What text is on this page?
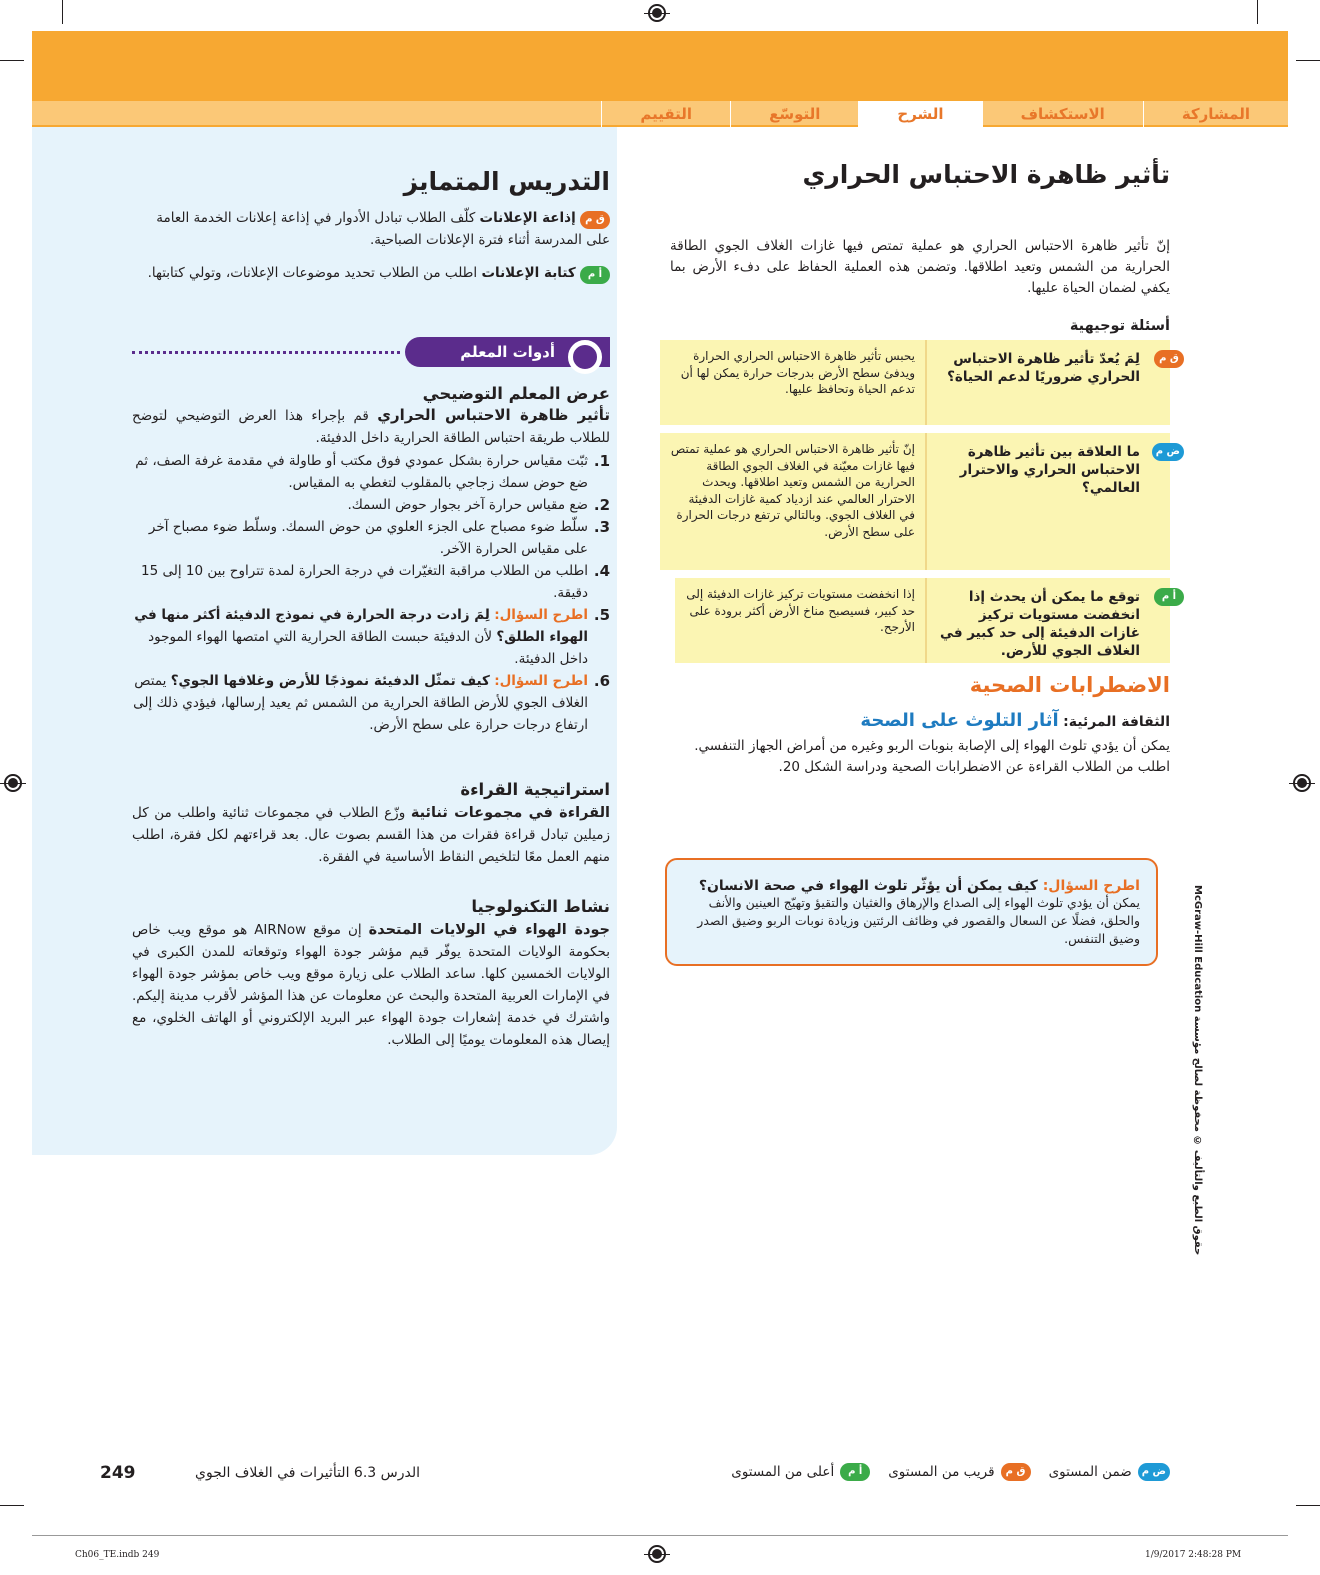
المشاركة
الاستكشاف
الشرح
التوسّع
التقييم
تأثير ظاهرة الاحتباس الحراري

إنّ تأثير ظاهرة الاحتباس الحراري هو عملية تمتص فيها غازات الغلاف الجوي الطاقة الحرارية من الشمس وتعيد اطلاقها. وتضمن هذه العملية الحفاظ على دفء الأرض بما يكفي لضمان الحياة عليها.

أسئلة توجيهية
ق م
لِمَ يُعدّ تأثير ظاهرة الاحتباس الحراري ضروريًا لدعم الحياة؟
يحبس تأثير ظاهرة الاحتباس الحراري الحرارة ويدفئ سطح الأرض بدرجات حرارة يمكن لها أن تدعم الحياة وتحافظ عليها.
ض م
ما العلاقة بين تأثير ظاهرة الاحتباس الحراري والاحترار العالمي؟
إنّ تأثير ظاهرة الاحتباس الحراري هو عملية تمتص فيها غازات معيّنة في الغلاف الجوي الطاقة الحرارية من الشمس وتعيد اطلاقها. ويحدث الاحترار العالمي عند ازدياد كمية غازات الدفيئة في الغلاف الجوي. وبالتالي ترتفع درجات الحرارة على سطح الأرض.
أ م
توقع ما يمكن أن يحدث إذا انخفضت مستويات تركيز غازات الدفيئة إلى حد كبير في الغلاف الجوي للأرض.
إذا انخفضت مستويات تركيز غازات الدفيئة إلى حد كبير، فسيصبح مناخ الأرض أكثر برودة على الأرجح.
الاضطرابات الصحية
الثقافة المرئية: آثار التلوث على الصحة

يمكن أن يؤدي تلوث الهواء إلى الإصابة بنوبات الربو وغيره من أمراض الجهاز التنفسي. اطلب من الطلاب القراءة عن الاضطرابات الصحية ودراسة الشكل 20.

اطرح السؤال: كيف يمكن أن يؤثّر تلوث الهواء في صحة الانسان؟

يمكن أن يؤدي تلوث الهواء إلى الصداع والإرهاق والغثيان والتقيؤ وتهيّج العينين والأنف والحلق، فضلًا عن السعال والقصور في وظائف الرئتين وزيادة نوبات الربو وضيق الصدر وضيق التنفس.

التدريس المتمايز
ق م إذاعة الإعلانات كلّف الطلاب تبادل الأدوار في إذاعة إعلانات الخدمة العامة على المدرسة أثناء فترة الإعلانات الصباحية.
أ م كتابة الإعلانات اطلب من الطلاب تحديد موضوعات الإعلانات، وتولي كتابتها.
أدوات المعلم
عرض المعلم التوضيحي
تأثير ظاهرة الاحتباس الحراري قم بإجراء هذا العرض التوضيحي لتوضح للطلاب طريقة احتباس الطاقة الحرارية داخل الدفيئة.
1.
ثبّت مقياس حرارة بشكل عمودي فوق مكتب أو طاولة في مقدمة غرفة الصف، ثم ضع حوض سمك زجاجي بالمقلوب لتغطي به المقياس.
2.
ضع مقياس حرارة آخر بجوار حوض السمك.
3.
سلّط ضوء مصباح على الجزء العلوي من حوض السمك. وسلّط ضوء مصباح آخر على مقياس الحرارة الآخر.
4.
اطلب من الطلاب مراقبة التغيّرات في درجة الحرارة لمدة تتراوح بين 10 إلى 15 دقيقة.
5.
اطرح السؤال: لِمَ زادت درجة الحرارة في نموذج الدفيئة أكثر منها في الهواء الطلق؟ لأن الدفيئة حبست الطاقة الحرارية التي امتصها الهواء الموجود داخل الدفيئة.
6.
اطرح السؤال: كيف تمثّل الدفيئة نموذجًا للأرض وغلافها الجوي؟ يمتص الغلاف الجوي للأرض الطاقة الحرارية من الشمس ثم يعيد إرسالها، فيؤدي ذلك إلى ارتفاع درجات حرارة على سطح الأرض.
استراتيجية القراءة
القراءة في مجموعات ثنائية وزّع الطلاب في مجموعات ثنائية واطلب من كل زميلين تبادل قراءة فقرات من هذا القسم بصوت عال. بعد قراءتهم لكل فقرة، اطلب منهم العمل معًا لتلخيص النقاط الأساسية في الفقرة.
نشاط التكنولوجيا
جودة الهواء في الولايات المتحدة إن موقع AIRNow هو موقع ويب خاص بحكومة الولايات المتحدة يوفّر قيم مؤشر جودة الهواء وتوقعاته للمدن الكبرى في الولايات الخمسين كلها. ساعد الطلاب على زيارة موقع ويب خاص بمؤشر جودة الهواء في الإمارات العربية المتحدة والبحث عن معلومات عن هذا المؤشر لأقرب مدينة إليكم. واشترك في خدمة إشعارات جودة الهواء عبر البريد الإلكتروني أو الهاتف الخلوي، مع إيصال هذه المعلومات يوميًا إلى الطلاب.
حقوق الطبع والتأليف © محفوظة لصالح مؤسسة McGraw-Hill Education
ض م
ضمن المستوى
ق م
قريب من المستوى
أ م
أعلى من المستوى
الدرس 6.3 التأثيرات في الغلاف الجوي
249
Ch06_TE.indb 249	1/9/2017 2:48:28 PM
